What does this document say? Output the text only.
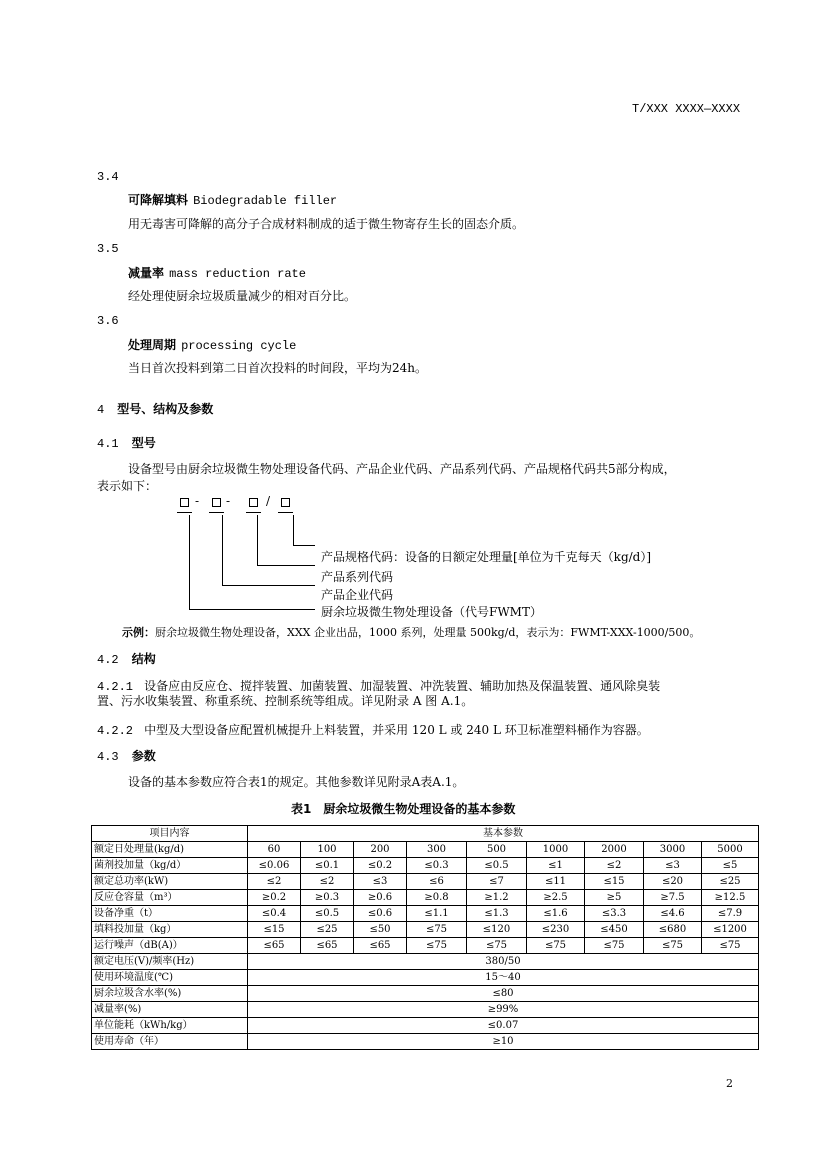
T/XXX XXXX—XXXX
3.4
可降解填料 Biodegradable filler
用无毒害可降解的高分子合成材料制成的适于微生物寄存生长的固态介质。
3.5
减量率 mass reduction rate
经处理使厨余垃圾质量减少的相对百分比。
3.6
处理周期 processing cycle
当日首次投料到第二日首次投料的时间段，平均为24h。
4 型号、结构及参数
4.1 型号
设备型号由厨余垃圾微生物处理设备代码、产品企业代码、产品系列代码、产品规格代码共5部分构成，
表示如下：
- -	/
产品规格代码：设备的日额定处理量[单位为千克每天（kg/d）]
产品系列代码
产品企业代码
厨余垃圾微生物处理设备（代号FWMT）
示例：厨余垃圾微生物处理设备，XXX 企业出品，1000 系列，处理量 500kg/d，表示为：FWMT-XXX-1000/500。
4.2 结构
4.2.1 设备应由反应仓、搅拌装置、加菌装置、加湿装置、冲洗装置、辅助加热及保温装置、通风除臭装
置、污水收集装置、称重系统、控制系统等组成。详见附录 A 图 A.1。
4.2.2 中型及大型设备应配置机械提升上料装置，并采用 120 L 或 240 L 环卫标准塑料桶作为容器。
4.3 参数
设备的基本参数应符合表1的规定。其他参数详见附录A表A.1。
表1　厨余垃圾微生物处理设备的基本参数
项目内容	基本参数								
额定日处理量(kg/d)	60	100	200	300	500	1000	2000	3000	5000
菌剂投加量（kg/d）	≤0.06	≤0.1	≤0.2	≤0.3	≤0.5	≤1	≤2	≤3	≤5
额定总功率(kW)	≤2	≤2	≤3	≤6	≤7	≤11	≤15	≤20	≤25
反应仓容量（m³）	≥0.2	≥0.3	≥0.6	≥0.8	≥1.2	≥2.5	≥5	≥7.5	≥12.5
设备净重（t）	≤0.4	≤0.5	≤0.6	≤1.1	≤1.3	≤1.6	≤3.3	≤4.6	≤7.9
填料投加量（kg）	≤15	≤25	≤50	≤75	≤120	≤230	≤450	≤680	≤1200
运行噪声（dB(A)）	≤65	≤65	≤65	≤75	≤75	≤75	≤75	≤75	≤75
额定电压(V)/频率(Hz)	380/50								
使用环境温度(℃)	15～40								
厨余垃圾含水率(%)	≤80								
减量率(%)	≥99%								
单位能耗（kWh/kg）	≤0.07								
使用寿命（年）	≥10								
2
